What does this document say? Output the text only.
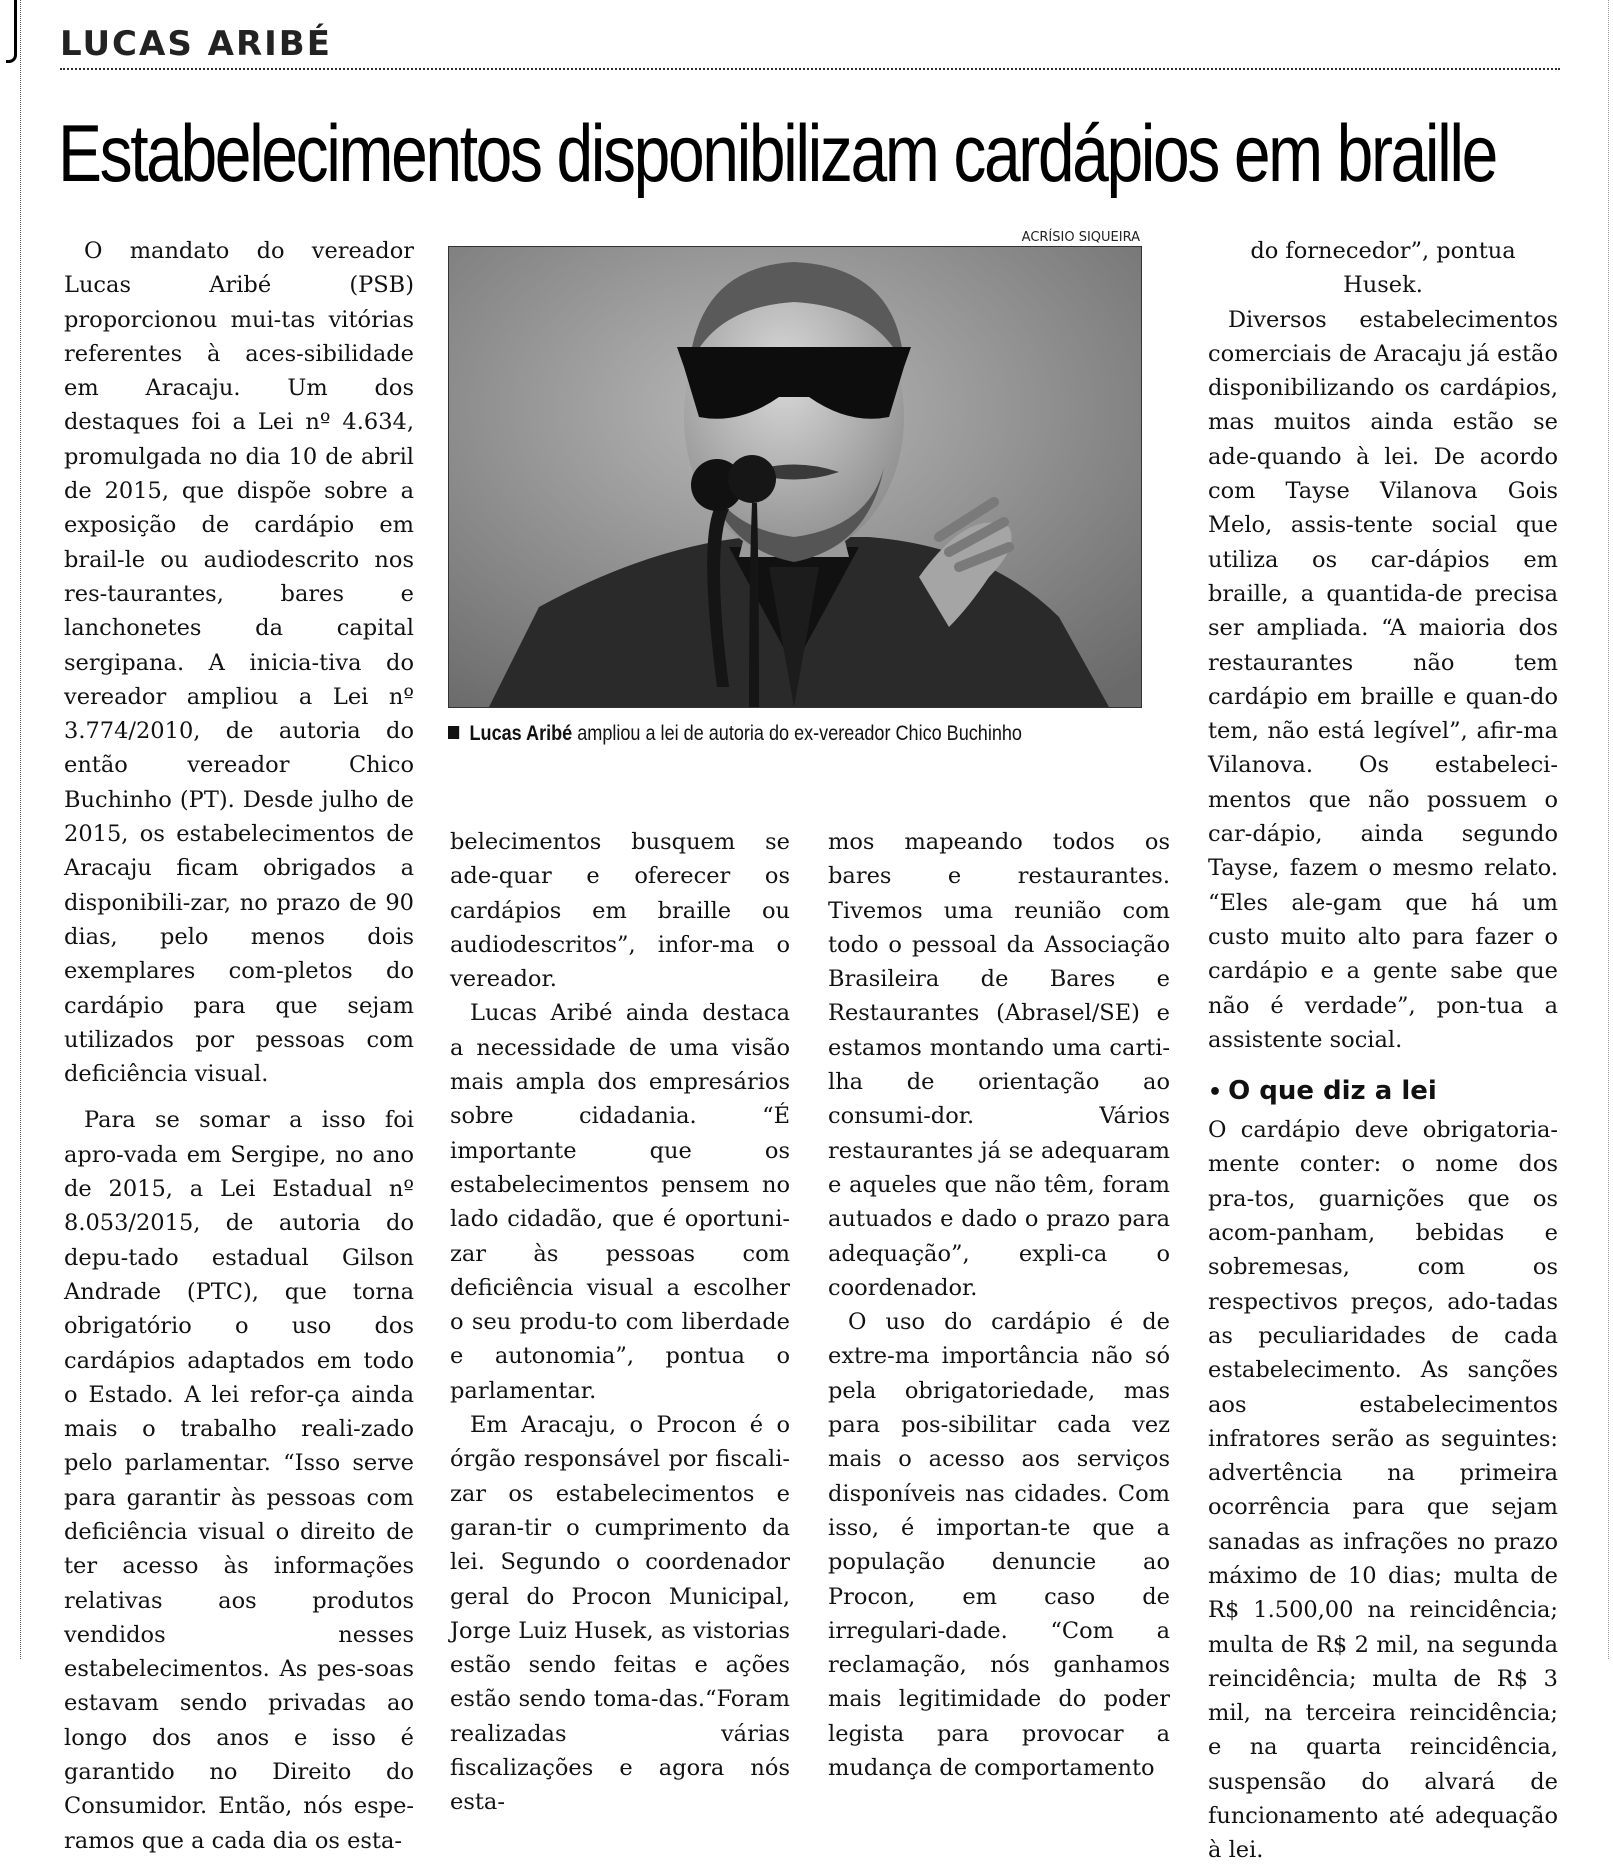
LUCAS ARIBÉ
Estabelecimentos disponibilizam cardápios em braille

O mandato do vereador Lucas Aribé (PSB) proporcionou mui-tas vitórias referentes à aces-sibilidade em Aracaju. Um dos destaques foi a Lei nº 4.634, promulgada no dia 10 de abril de 2015, que dispõe sobre a exposição de cardápio em brail-le ou audiodescrito nos res-taurantes, bares e lanchonetes da capital sergipana. A inicia-tiva do vereador ampliou a Lei nº 3.774/2010, de autoria do então vereador Chico Buchinho (PT). Desde julho de 2015, os estabelecimentos de Aracaju ficam obrigados a disponibili-zar, no prazo de 90 dias, pelo menos dois exemplares com-pletos do cardápio para que sejam utilizados por pessoas com deficiência visual.

Para se somar a isso foi apro-vada em Sergipe, no ano de 2015, a Lei Estadual nº 8.053/2015, de autoria do depu-tado estadual Gilson Andrade (PTC), que torna obrigatório o uso dos cardápios adaptados em todo o Estado. A lei refor-ça ainda mais o trabalho reali-zado pelo parlamentar. “Isso serve para garantir às pessoas com deficiência visual o direito de ter acesso às informações relativas aos produtos vendidos nesses estabelecimentos. As pes-soas estavam sendo privadas ao longo dos anos e isso é garantido no Direito do Consumidor. Então, nós espe-ramos que a cada dia os esta-

ACRÍSIO SIQUEIRA
Lucas Aribé ampliou a lei de autoria do ex-vereador Chico Buchinho

belecimentos busquem se ade-quar e oferecer os cardápios em braille ou audiodescritos”, infor-ma o vereador.

Lucas Aribé ainda destaca a necessidade de uma visão mais ampla dos empresários sobre cidadania. “É importante que os estabelecimentos pensem no lado cidadão, que é oportuni-zar às pessoas com deficiência visual a escolher o seu produ-to com liberdade e autonomia”, pontua o parlamentar.

Em Aracaju, o Procon é o órgão responsável por fiscali-zar os estabelecimentos e garan-tir o cumprimento da lei. Segundo o coordenador geral do Procon Municipal, Jorge Luiz Husek, as vistorias estão sendo feitas e ações estão sendo toma-das.“Foram realizadas várias fiscalizações e agora nós esta-

mos mapeando todos os bares e restaurantes. Tivemos uma reunião com todo o pessoal da Associação Brasileira de Bares e Restaurantes (Abrasel/SE) e estamos montando uma carti-lha de orientação ao consumi-dor. Vários restaurantes já se adequaram e aqueles que não têm, foram autuados e dado o prazo para adequação”, expli-ca o coordenador.

O uso do cardápio é de extre-ma importância não só pela obrigatoriedade, mas para pos-sibilitar cada vez mais o acesso aos serviços disponíveis nas cidades. Com isso, é importan-te que a população denuncie ao Procon, em caso de irregulari-dade. “Com a reclamação, nós ganhamos mais legitimidade do poder legista para provocar a mudança de comportamento

do fornecedor”, pontua Husek.

Diversos estabelecimentos comerciais de Aracaju já estão disponibilizando os cardápios, mas muitos ainda estão se ade-quando à lei. De acordo com Tayse Vilanova Gois Melo, assis-tente social que utiliza os car-dápios em braille, a quantida-de precisa ser ampliada. “A maioria dos restaurantes não tem cardápio em braille e quan-do tem, não está legível”, afir-ma Vilanova. Os estabeleci-mentos que não possuem o car-dápio, ainda segundo Tayse, fazem o mesmo relato. “Eles ale-gam que há um custo muito alto para fazer o cardápio e a gente sabe que não é verdade”, pon-tua a assistente social.

• O que diz a lei

O cardápio deve obrigatoria-mente conter: o nome dos pra-tos, guarnições que os acom-panham, bebidas e sobremesas, com os respectivos preços, ado-tadas as peculiaridades de cada estabelecimento. As sanções aos estabelecimentos infratores serão as seguintes: advertência na primeira ocorrência para que sejam sanadas as infrações no prazo máximo de 10 dias; multa de R$ 1.500,00 na reincidência; multa de R$ 2 mil, na segunda reincidência; multa de R$ 3 mil, na terceira reincidência; e na quarta reincidência, suspensão do alvará de funcionamento até adequação à lei.
